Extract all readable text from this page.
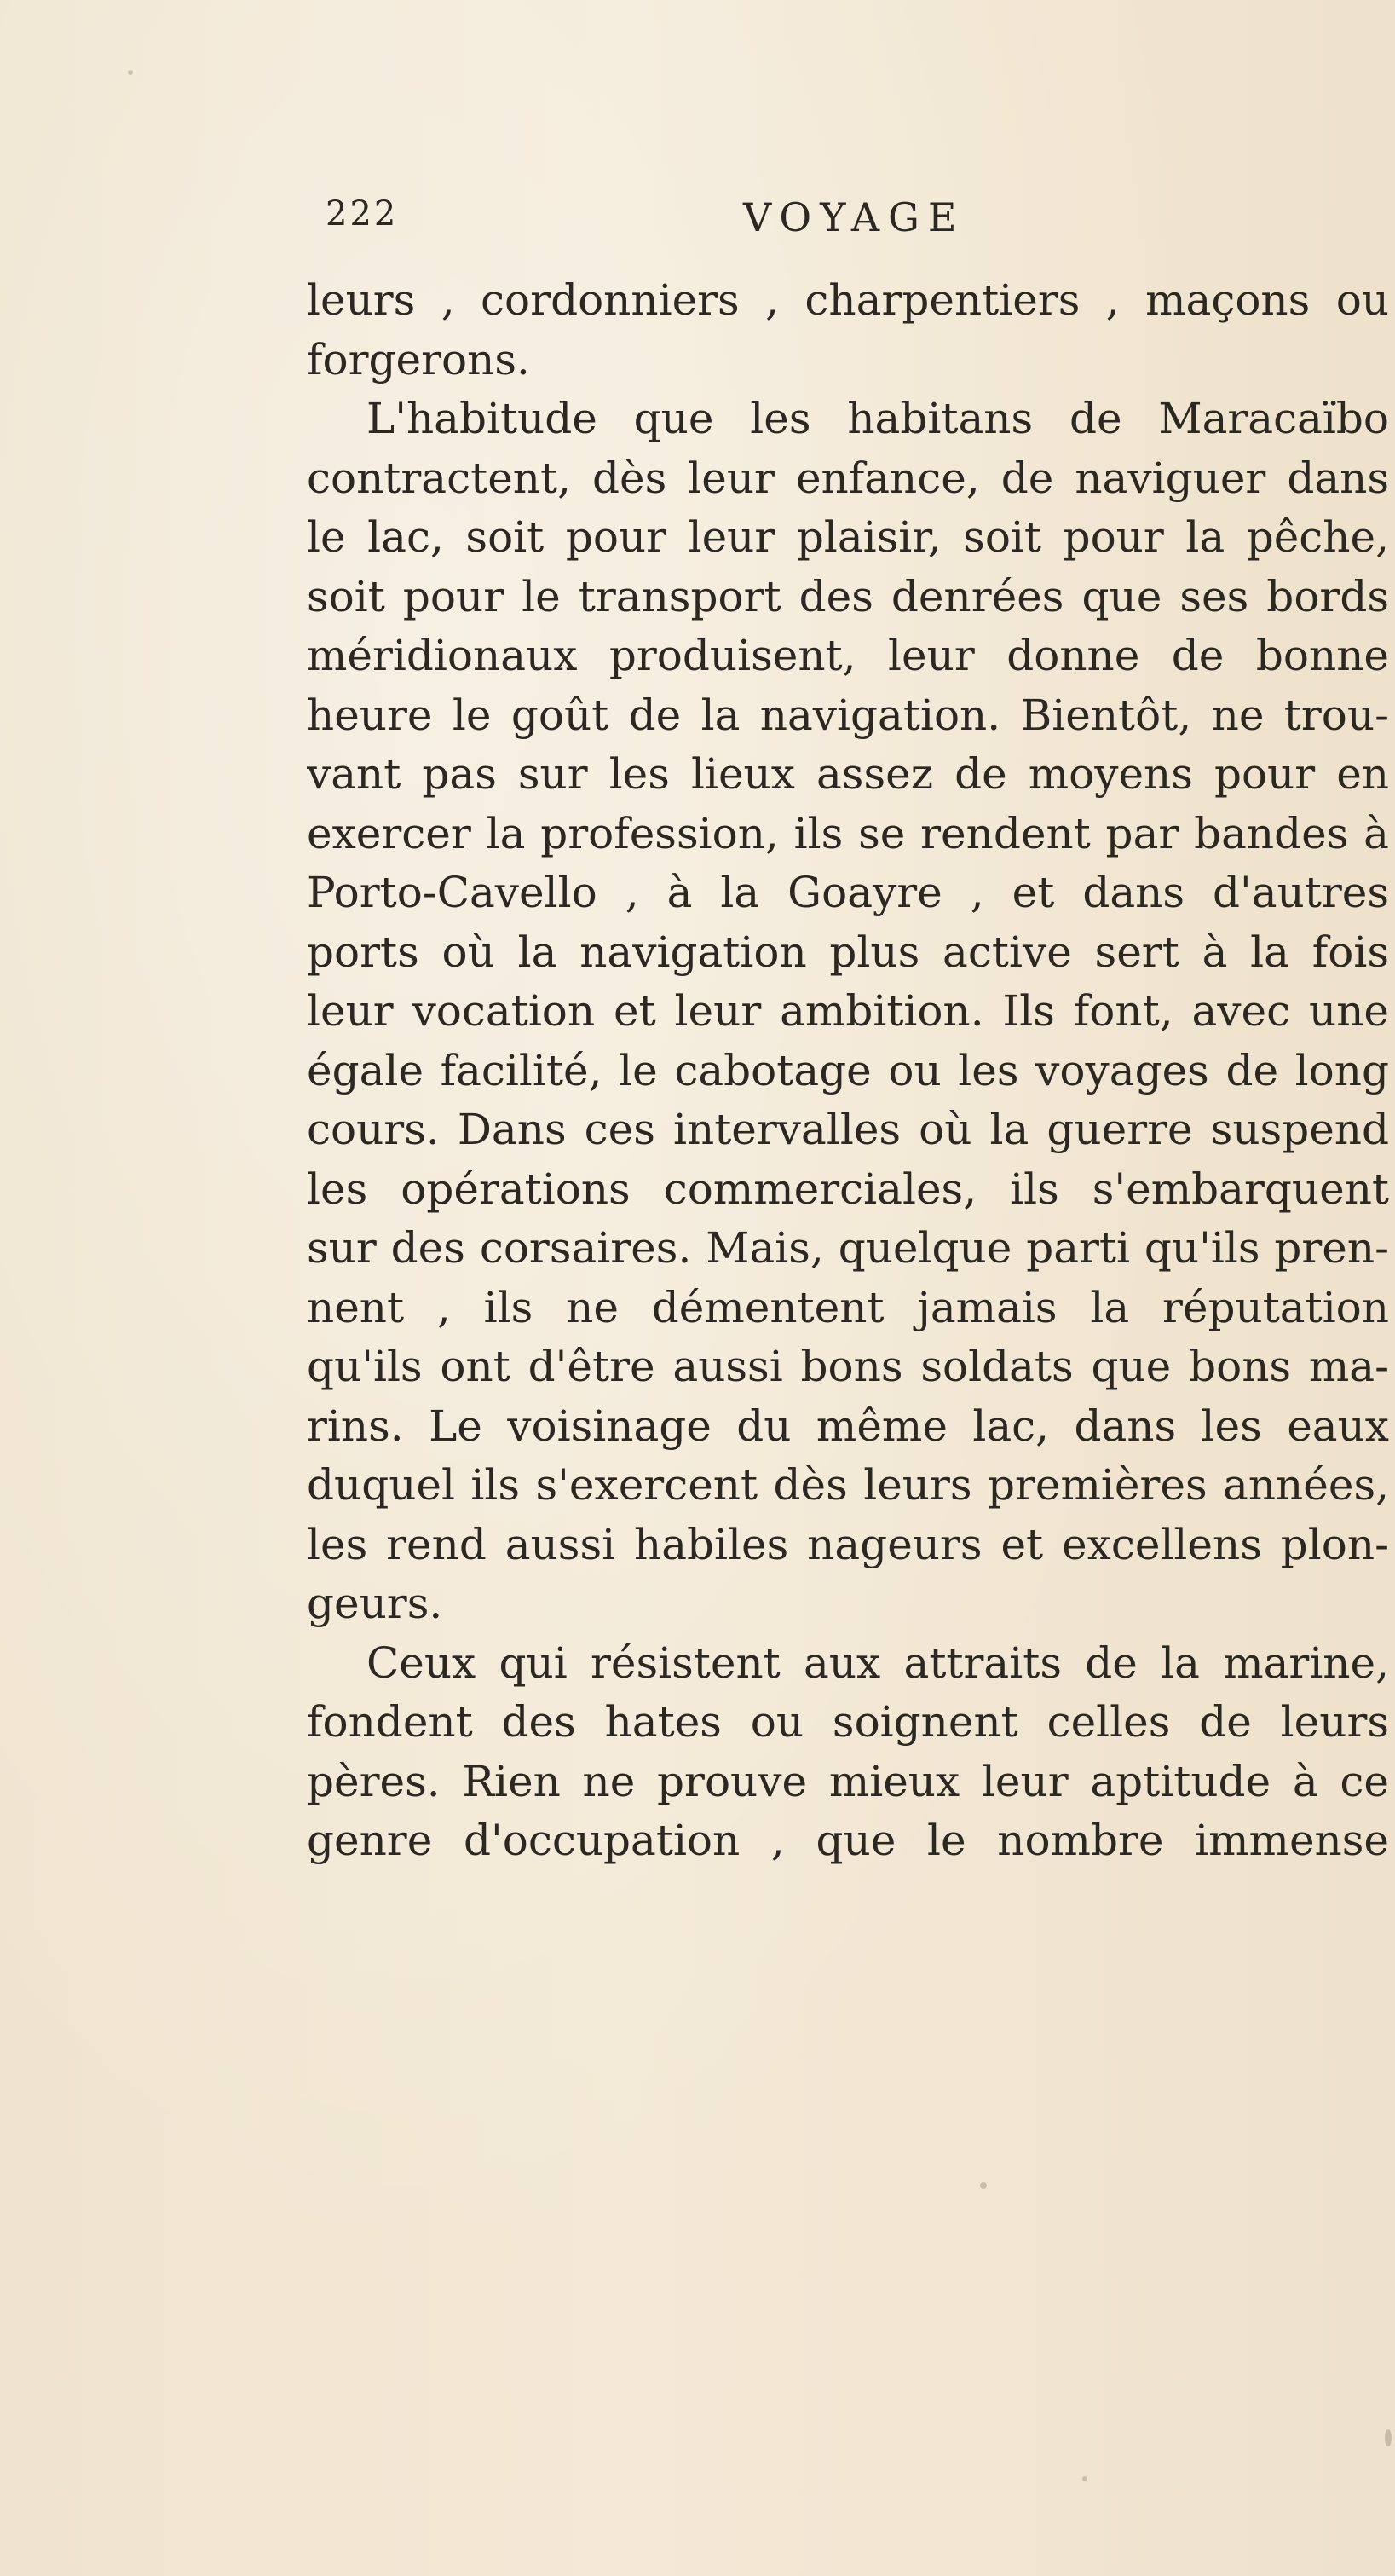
222	VOYAGE
leurs , cordonniers , charpentiers , maçons ou
forgerons.
L'habitude que les habitans de Maracaïbo
contractent, dès leur enfance, de naviguer dans
le lac, soit pour leur plaisir, soit pour la pêche,
soit pour le transport des denrées que ses bords
méridionaux produisent, leur donne de bonne
heure le goût de la navigation. Bientôt, ne trou-
vant pas sur les lieux assez de moyens pour en
exercer la profession, ils se rendent par bandes à
Porto-Cavello , à la Goayre , et dans d'autres
ports où la navigation plus active sert à la fois
leur vocation et leur ambition. Ils font, avec une
égale facilité, le cabotage ou les voyages de long
cours. Dans ces intervalles où la guerre suspend
les opérations commerciales, ils s'embarquent
sur des corsaires. Mais, quelque parti qu'ils pren-
nent , ils ne démentent jamais la réputation
qu'ils ont d'être aussi bons soldats que bons ma-
rins. Le voisinage du même lac, dans les eaux
duquel ils s'exercent dès leurs premières années,
les rend aussi habiles nageurs et excellens plon-
geurs.
Ceux qui résistent aux attraits de la marine,
fondent des hates ou soignent celles de leurs
pères. Rien ne prouve mieux leur aptitude à ce
genre d'occupation , que le nombre immense
